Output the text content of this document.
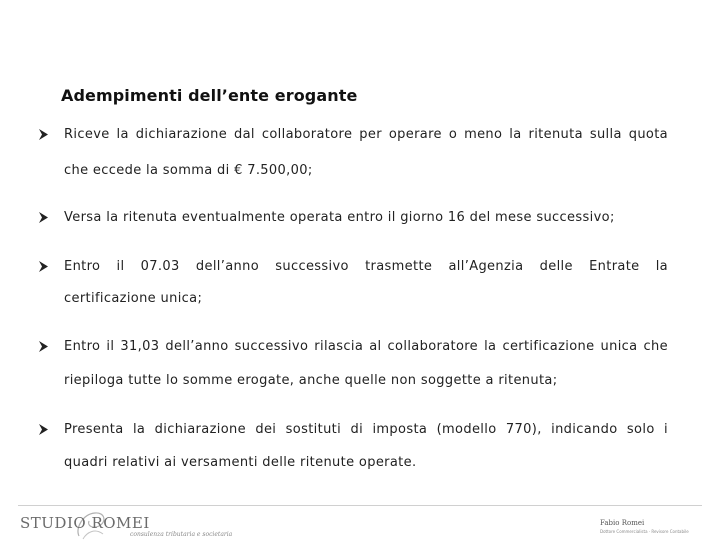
Adempimenti dell’ente erogante
Riceve la dichiarazione dal collaboratore per operare o meno la ritenuta sulla quota
che eccede la somma di € 7.500,00;
Versa la ritenuta eventualmente operata entro il giorno 16 del mese successivo;
Entro il 07.03 dell’anno successivo trasmette all’Agenzia delle Entrate la
certificazione unica;
Entro il 31,03 dell’anno successivo rilascia al collaboratore la certificazione unica che
riepiloga tutte lo somme erogate, anche quelle non soggette a ritenuta;
Presenta la dichiarazione dei sostituti di imposta (modello 770), indicando solo i
quadri relativi ai versamenti delle ritenute operate.
STUDIO ROMEI
consulenza tributaria e societaria
Fabio Romei
Dottore Commercialista · Revisore Contabile
